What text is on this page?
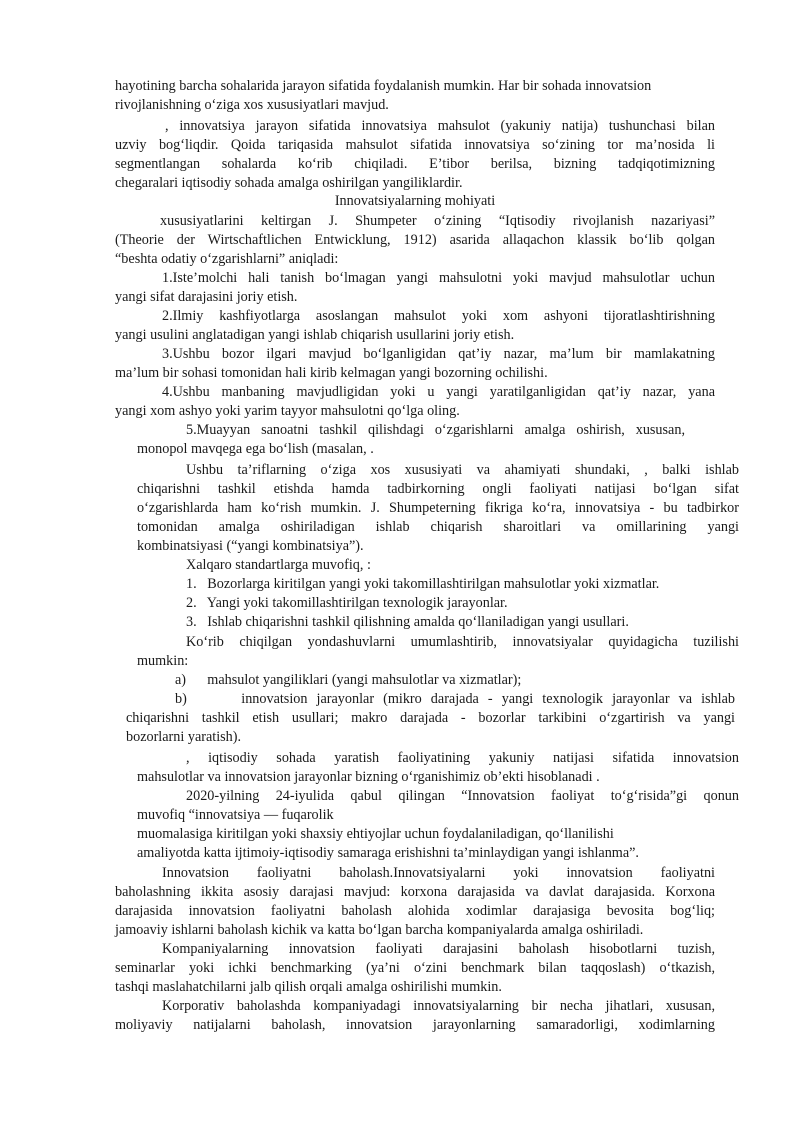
hayotining barcha sohalarida jarayon sifatida foydalanish mumkin. Har bir sohada innovatsion
rivojlanishning o‘ziga xos xususiyatlari mavjud.
, innovatsiya jarayon sifatida innovatsiya mahsulot (yakuniy natija) tushunchasi bilan
uzviy bog‘liqdir. Qoida tariqasida mahsulot sifatida innovatsiya so‘zining tor ma’nosida li
segmentlangan sohalarda ko‘rib chiqiladi. E’tibor berilsa, bizning tadqiqotimizning
chegaralari iqtisodiy sohada amalga oshirilgan yangiliklardir.
Innovatsiyalarning mohiyati
xususiyatlarini keltirgan J. Shumpeter o‘zining “Iqtisodiy rivojlanish nazariyasi”
(Theorie der Wirtschaftlichen Entwicklung, 1912) asarida allaqachon klassik bo‘lib qolgan
“beshta odatiy o‘zgarishlarni” aniqladi:
1.Iste’molchi hali tanish bo‘lmagan yangi mahsulotni yoki mavjud mahsulotlar uchun
yangi sifat darajasini joriy etish.
2.Ilmiy kashfiyotlarga asoslangan mahsulot yoki xom ashyoni tijoratlashtirishning
yangi usulini anglatadigan yangi ishlab chiqarish usullarini joriy etish.
3.Ushbu bozor ilgari mavjud bo‘lganligidan qat’iy nazar, ma’lum bir mamlakatning
ma’lum bir sohasi tomonidan hali kirib kelmagan yangi bozorning ochilishi.
4.Ushbu manbaning mavjudligidan yoki u yangi yaratilganligidan qat’iy nazar, yana
yangi xom ashyo yoki yarim tayyor mahsulotni qo‘lga oling.
5.Muayyan sanoatni tashkil qilishdagi o‘zgarishlarni amalga oshirish, xususan,
monopol mavqega ega bo‘lish (masalan, .
Ushbu ta’riflarning o‘ziga xos xususiyati va ahamiyati shundaki, , balki ishlab
chiqarishni tashkil etishda hamda tadbirkorning ongli faoliyati natijasi bo‘lgan sifat
o‘zgarishlarda ham ko‘rish mumkin. J. Shumpeterning fikriga ko‘ra, innovatsiya - bu tadbirkor
tomonidan amalga oshiriladigan ishlab chiqarish sharoitlari va omillarining yangi
kombinatsiyasi (“yangi kombinatsiya”).
Xalqaro standartlarga muvofiq, :
1.   Bozorlarga kiritilgan yangi yoki takomillashtirilgan mahsulotlar yoki xizmatlar.
2.   Yangi yoki takomillashtirilgan texnologik jarayonlar.
3.   Ishlab chiqarishni tashkil qilishning amalda qo‘llaniladigan yangi usullari.
Ko‘rib chiqilgan yondashuvlarni umumlashtirib, innovatsiyalar quyidagicha tuzilishi
mumkin:
a)      mahsulot yangiliklari (yangi mahsulotlar va xizmatlar);
b)      innovatsion jarayonlar (mikro darajada - yangi texnologik jarayonlar va ishlab
chiqarishni tashkil etish usullari; makro darajada - bozorlar tarkibini o‘zgartirish va yangi
bozorlarni yaratish).
, iqtisodiy sohada yaratish faoliyatining yakuniy natijasi sifatida innovatsion
mahsulotlar va innovatsion jarayonlar bizning o‘rganishimiz ob’ekti hisoblanadi .
2020-yilning 24-iyulida qabul qilingan “Innovatsion faoliyat to‘g‘risida”gi qonun
muvofiq “innovatsiya — fuqarolik
muomalasiga kiritilgan yoki shaxsiy ehtiyojlar uchun foydalaniladigan, qo‘llanilishi
amaliyotda katta ijtimoiy-iqtisodiy samaraga erishishni ta’minlaydigan yangi ishlanma”.
Innovatsion faoliyatni baholash.Innovatsiyalarni yoki innovatsion faoliyatni
baholashning ikkita asosiy darajasi mavjud: korxona darajasida va davlat darajasida. Korxona
darajasida innovatsion faoliyatni baholash alohida xodimlar darajasiga bevosita bog‘liq;
jamoaviy ishlarni baholash kichik va katta bo‘lgan barcha kompaniyalarda amalga oshiriladi.
Kompaniyalarning innovatsion faoliyati darajasini baholash hisobotlarni tuzish,
seminarlar yoki ichki benchmarking (ya’ni o‘zini benchmark bilan taqqoslash) o‘tkazish,
tashqi maslahatchilarni jalb qilish orqali amalga oshirilishi mumkin.
Korporativ baholashda kompaniyadagi innovatsiyalarning bir necha jihatlari, xususan,
moliyaviy natijalarni baholash, innovatsion jarayonlarning samaradorligi, xodimlarning
